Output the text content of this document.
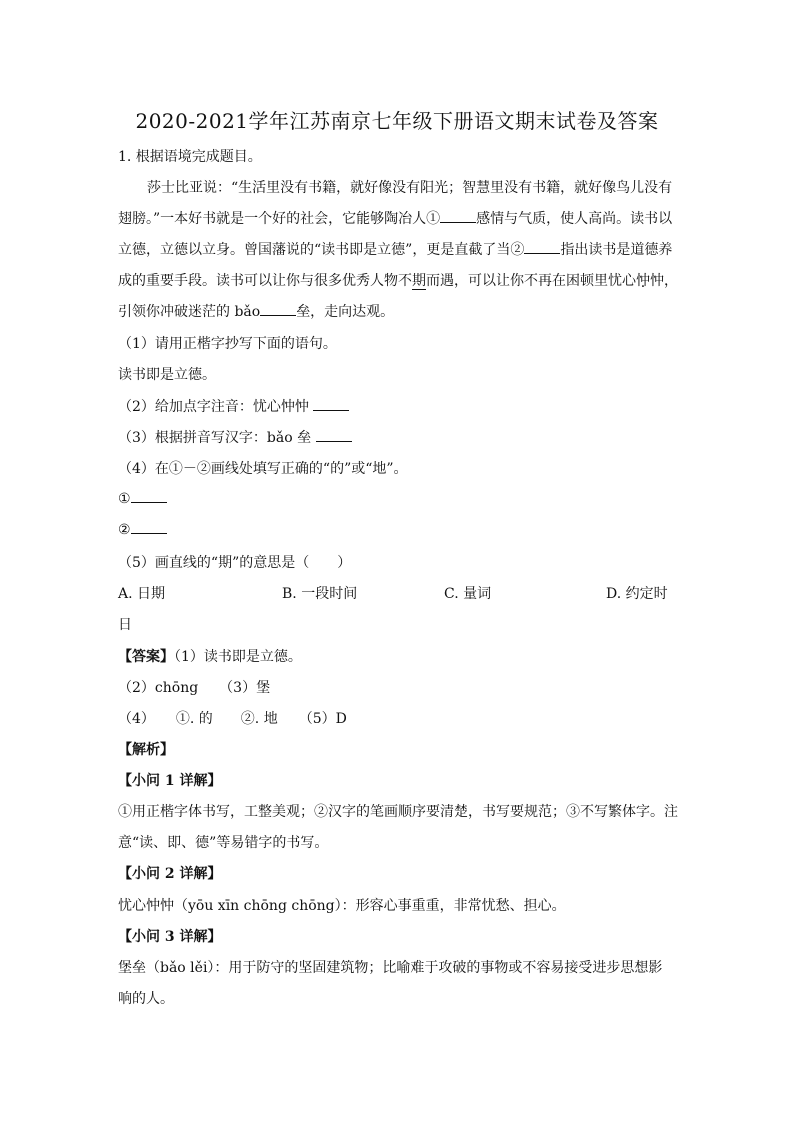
2020-2021学年江苏南京七年级下册语文期末试卷及答案
1. 根据语境完成题目。
莎士比亚说：“生活里没有书籍，就好像没有阳光；智慧里没有书籍，就好像鸟儿没有
翅膀。”一本好书就是一个好的社会，它能够陶冶人①	感情与气质，使人高尚。读书以
立德，立德以立身。曾国藩说的“读书即是立德”，更是直截了当②	指出读书是道德养
成的重要手段。读书可以让你与很多优秀人物不期而遇，可以让你不再在困顿里忧心忡忡，
引领你冲破迷茫的 bǎo	垒，走向达观。
（1）请用正楷字抄写下面的语句。
读书即是立德。
（2）给加点字注音：忧心忡忡
（3）根据拼音写汉字：bǎo 垒
（4）在①－②画线处填写正确的“的”或“地”。
①
②
（5）画直线的“期”的意思是（　　）
A. 日期	B. 一段时间	C. 量词	D. 约定时
日
【答案】（1）读书即是立德。
（2）chōng　　（3）堡
（4）　　①. 的　　②. 地　　（5）D
【解析】
【小问 1 详解】
①用正楷字体书写，工整美观；②汉字的笔画顺序要清楚，书写要规范；③不写繁体字。注
意“读、即、德”等易错字的书写。
【小问 2 详解】
忧心忡忡（yōu xīn chōng chōng）：形容心事重重，非常忧愁、担心。
【小问 3 详解】
堡垒（bǎo lěi）：用于防守的坚固建筑物；比喻难于攻破的事物或不容易接受进步思想影
响的人。
